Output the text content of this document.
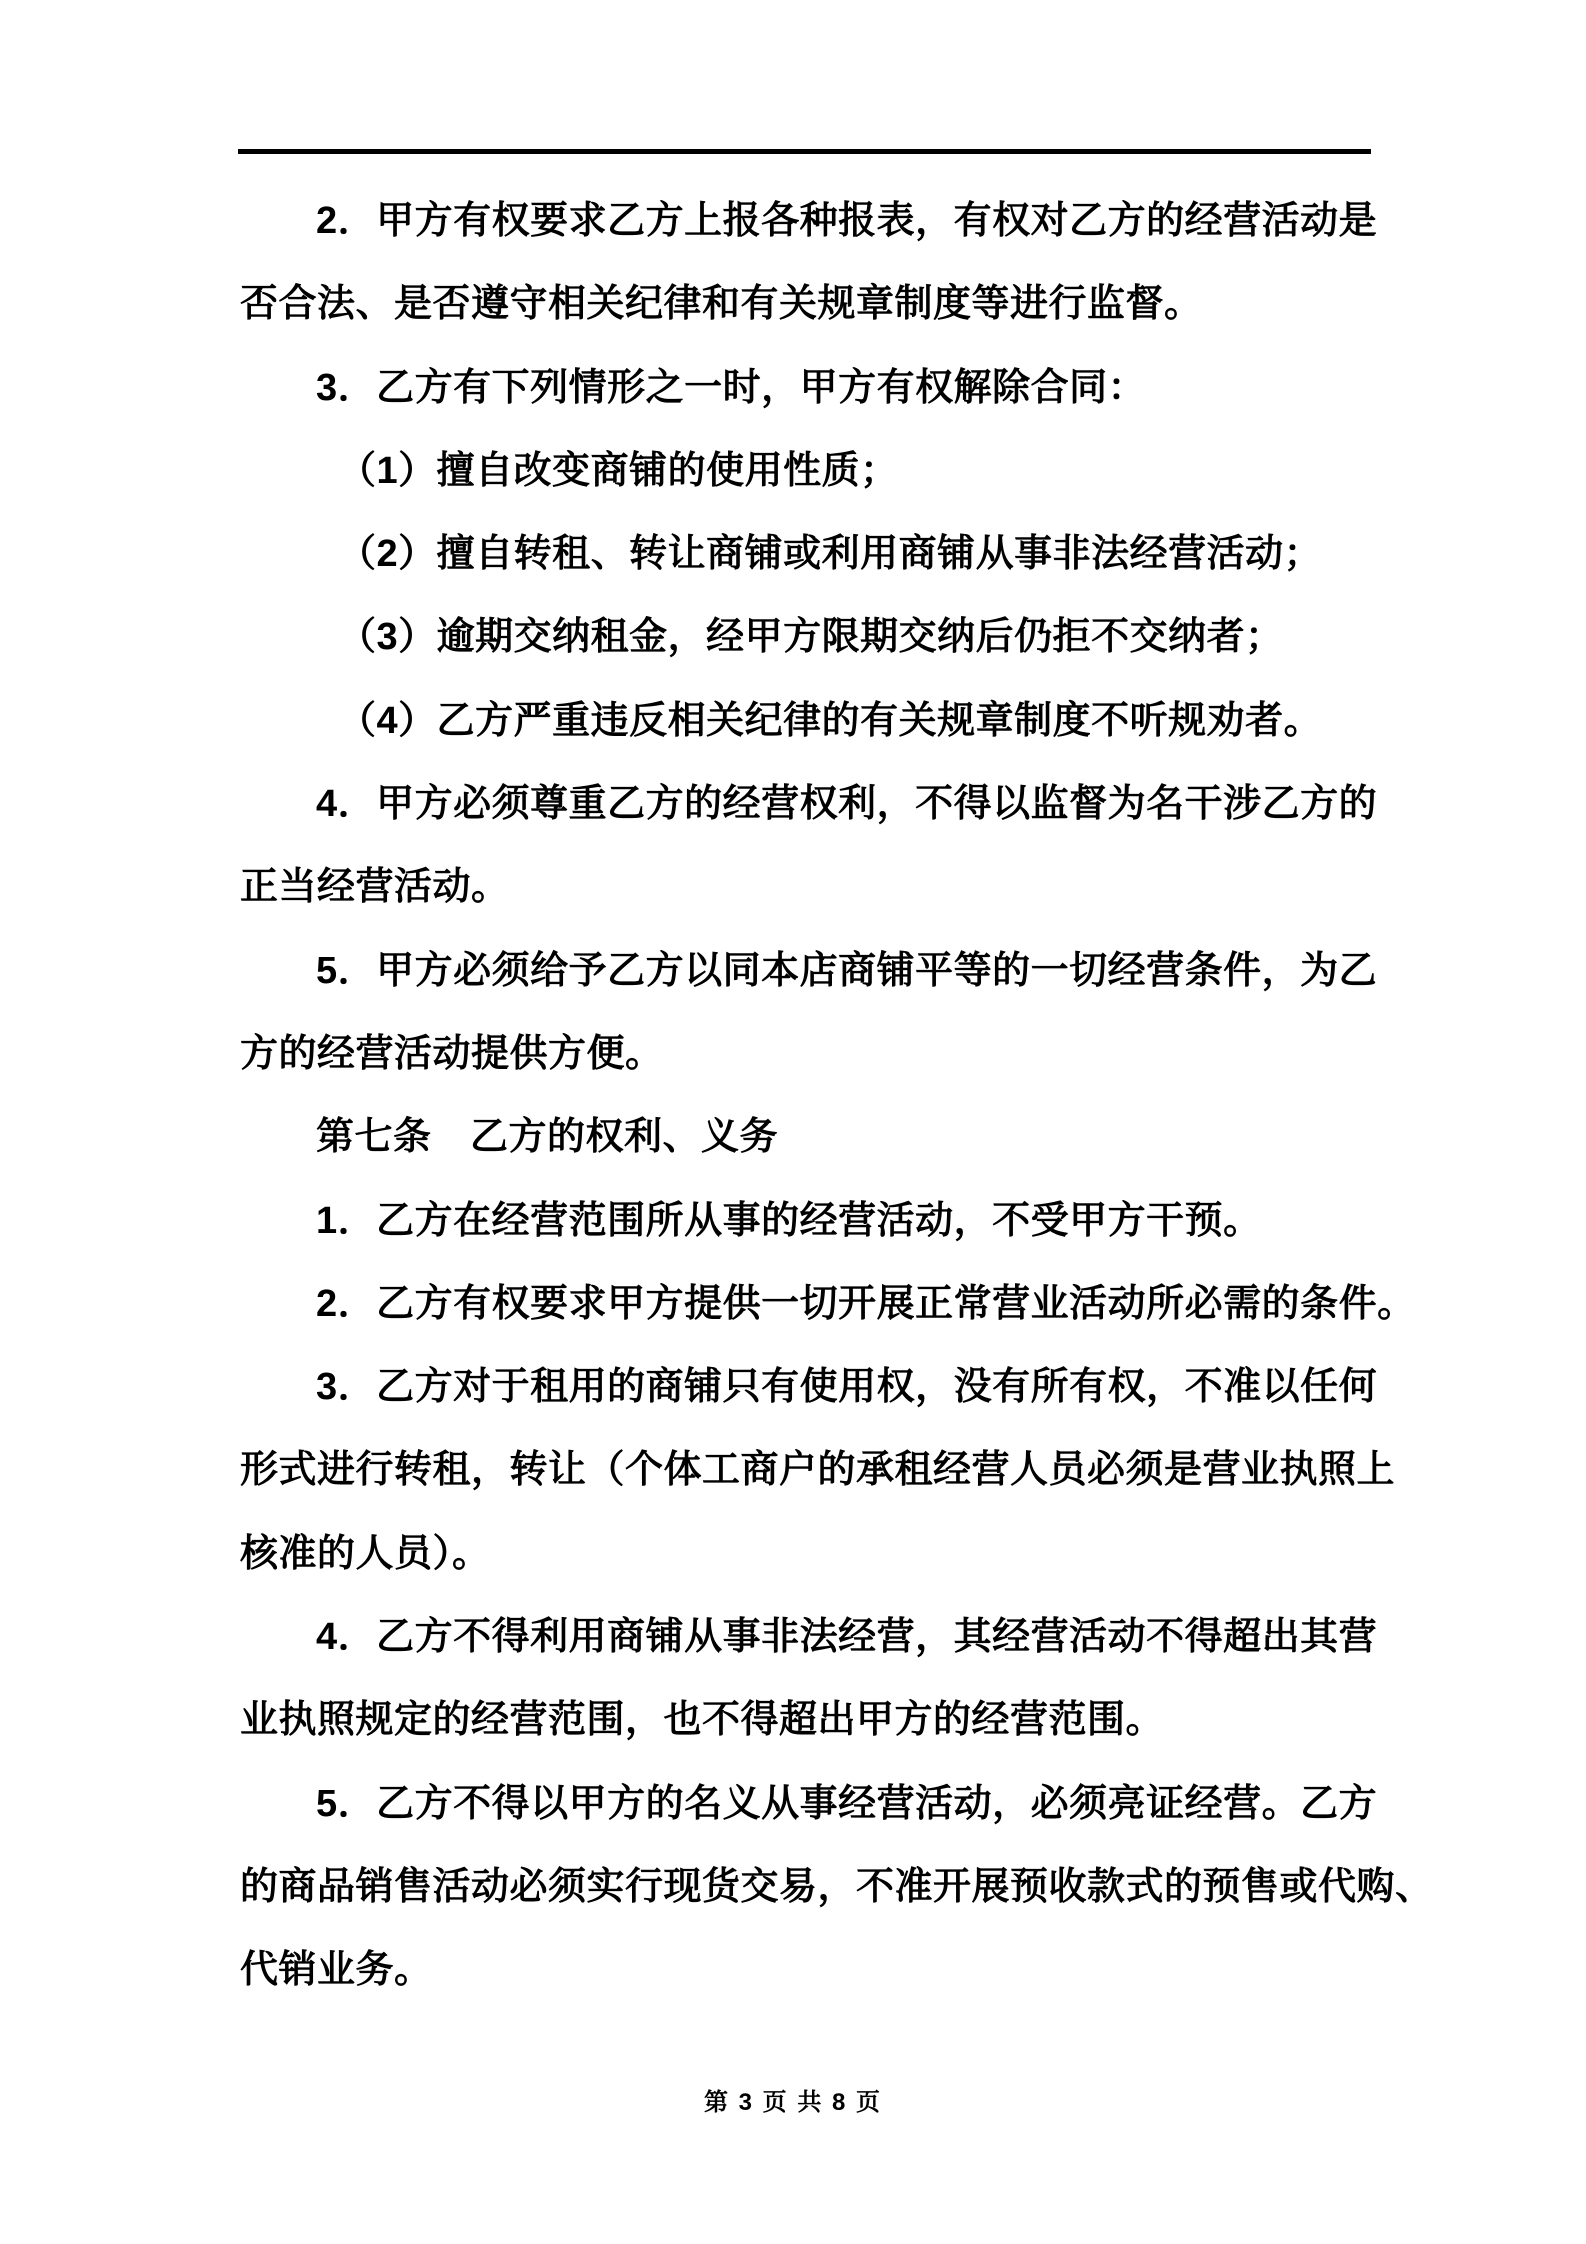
2．甲方有权要求乙方上报各种报表，有权对乙方的经营活动是
否合法、是否遵守相关纪律和有关规章制度等进行监督。
3．乙方有下列情形之一时，甲方有权解除合同：
（1）擅自改变商铺的使用性质；
（2）擅自转租、转让商铺或利用商铺从事非法经营活动；
（3）逾期交纳租金，经甲方限期交纳后仍拒不交纳者；
（4）乙方严重违反相关纪律的有关规章制度不听规劝者。
4．甲方必须尊重乙方的经营权利，不得以监督为名干涉乙方的
正当经营活动。
5．甲方必须给予乙方以同本店商铺平等的一切经营条件，为乙
方的经营活动提供方便。
第七条　乙方的权利、义务
1．乙方在经营范围所从事的经营活动，不受甲方干预。
2．乙方有权要求甲方提供一切开展正常营业活动所必需的条件。
3．乙方对于租用的商铺只有使用权，没有所有权，不准以任何
形式进行转租，转让（个体工商户的承租经营人员必须是营业执照上
核准的人员）。
4．乙方不得利用商铺从事非法经营，其经营活动不得超出其营
业执照规定的经营范围，也不得超出甲方的经营范围。
5．乙方不得以甲方的名义从事经营活动，必须亮证经营。乙方
的商品销售活动必须实行现货交易，不准开展预收款式的预售或代购、
代销业务。
第 3 页 共 8 页
